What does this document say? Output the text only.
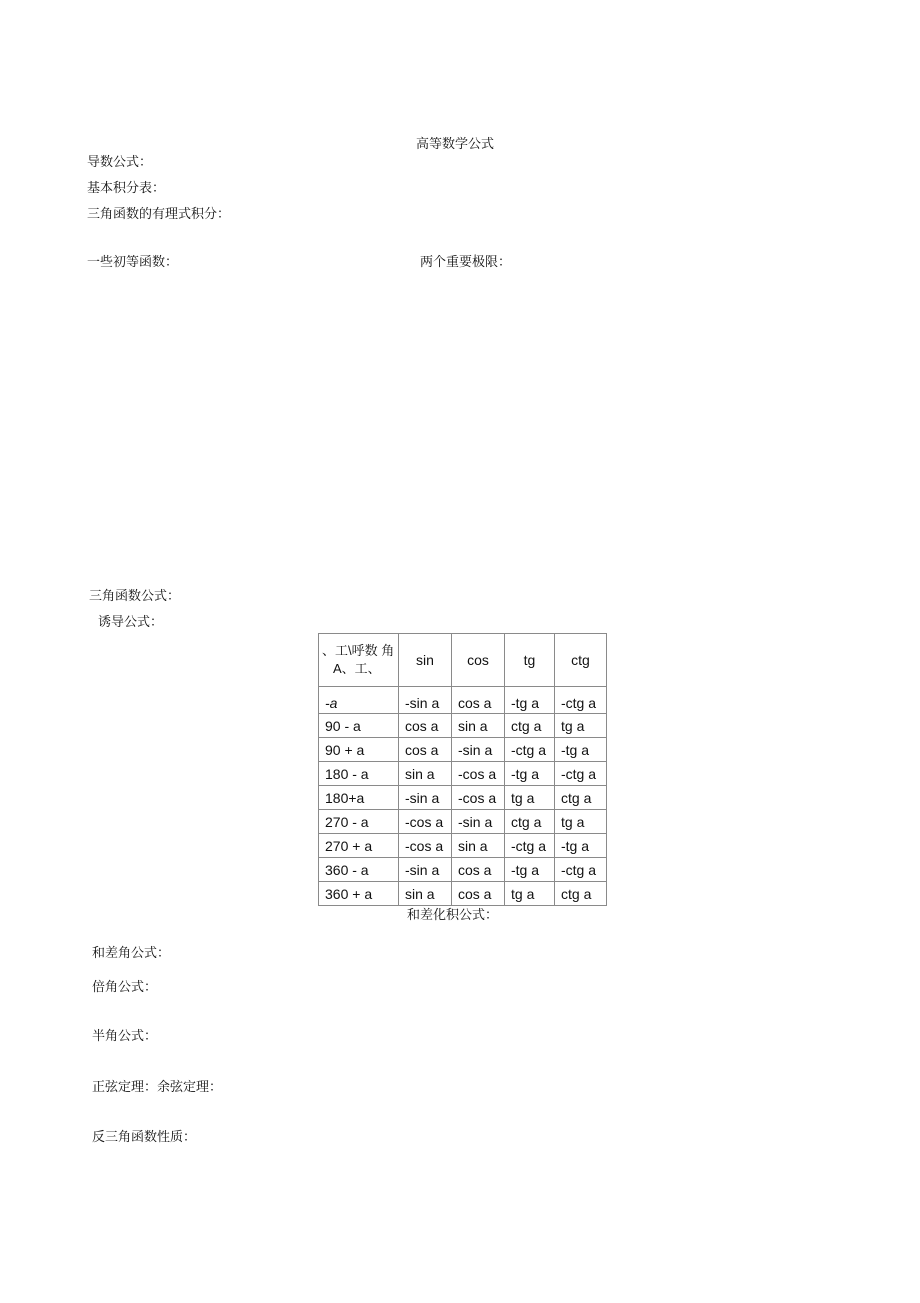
高等数学公式
导数公式：
基本积分表：
三角函数的有理式积分：
一些初等函数：	两个重要极限：
三角函数公式：
诱导公式：
、工\呼数 角
A、工、	sin	cos	tg	ctg
-a	-sin a	cos a	-tg a	-ctg a
90 - a	cos a	sin a	ctg a	tg a
90 + a	cos a	-sin a	-ctg a	-tg a
180 - a	sin a	-cos a	-tg a	-ctg a
180+a	-sin a	-cos a	tg a	ctg a
270 - a	-cos a	-sin a	ctg a	tg a
270 + a	-cos a	sin a	-ctg a	-tg a
360 - a	-sin a	cos a	-tg a	-ctg a
360 + a	sin a	cos a	tg a	ctg a
和差化积公式：
和差角公式：
倍角公式：
半角公式：
正弦定理：余弦定理：
反三角函数性质：
